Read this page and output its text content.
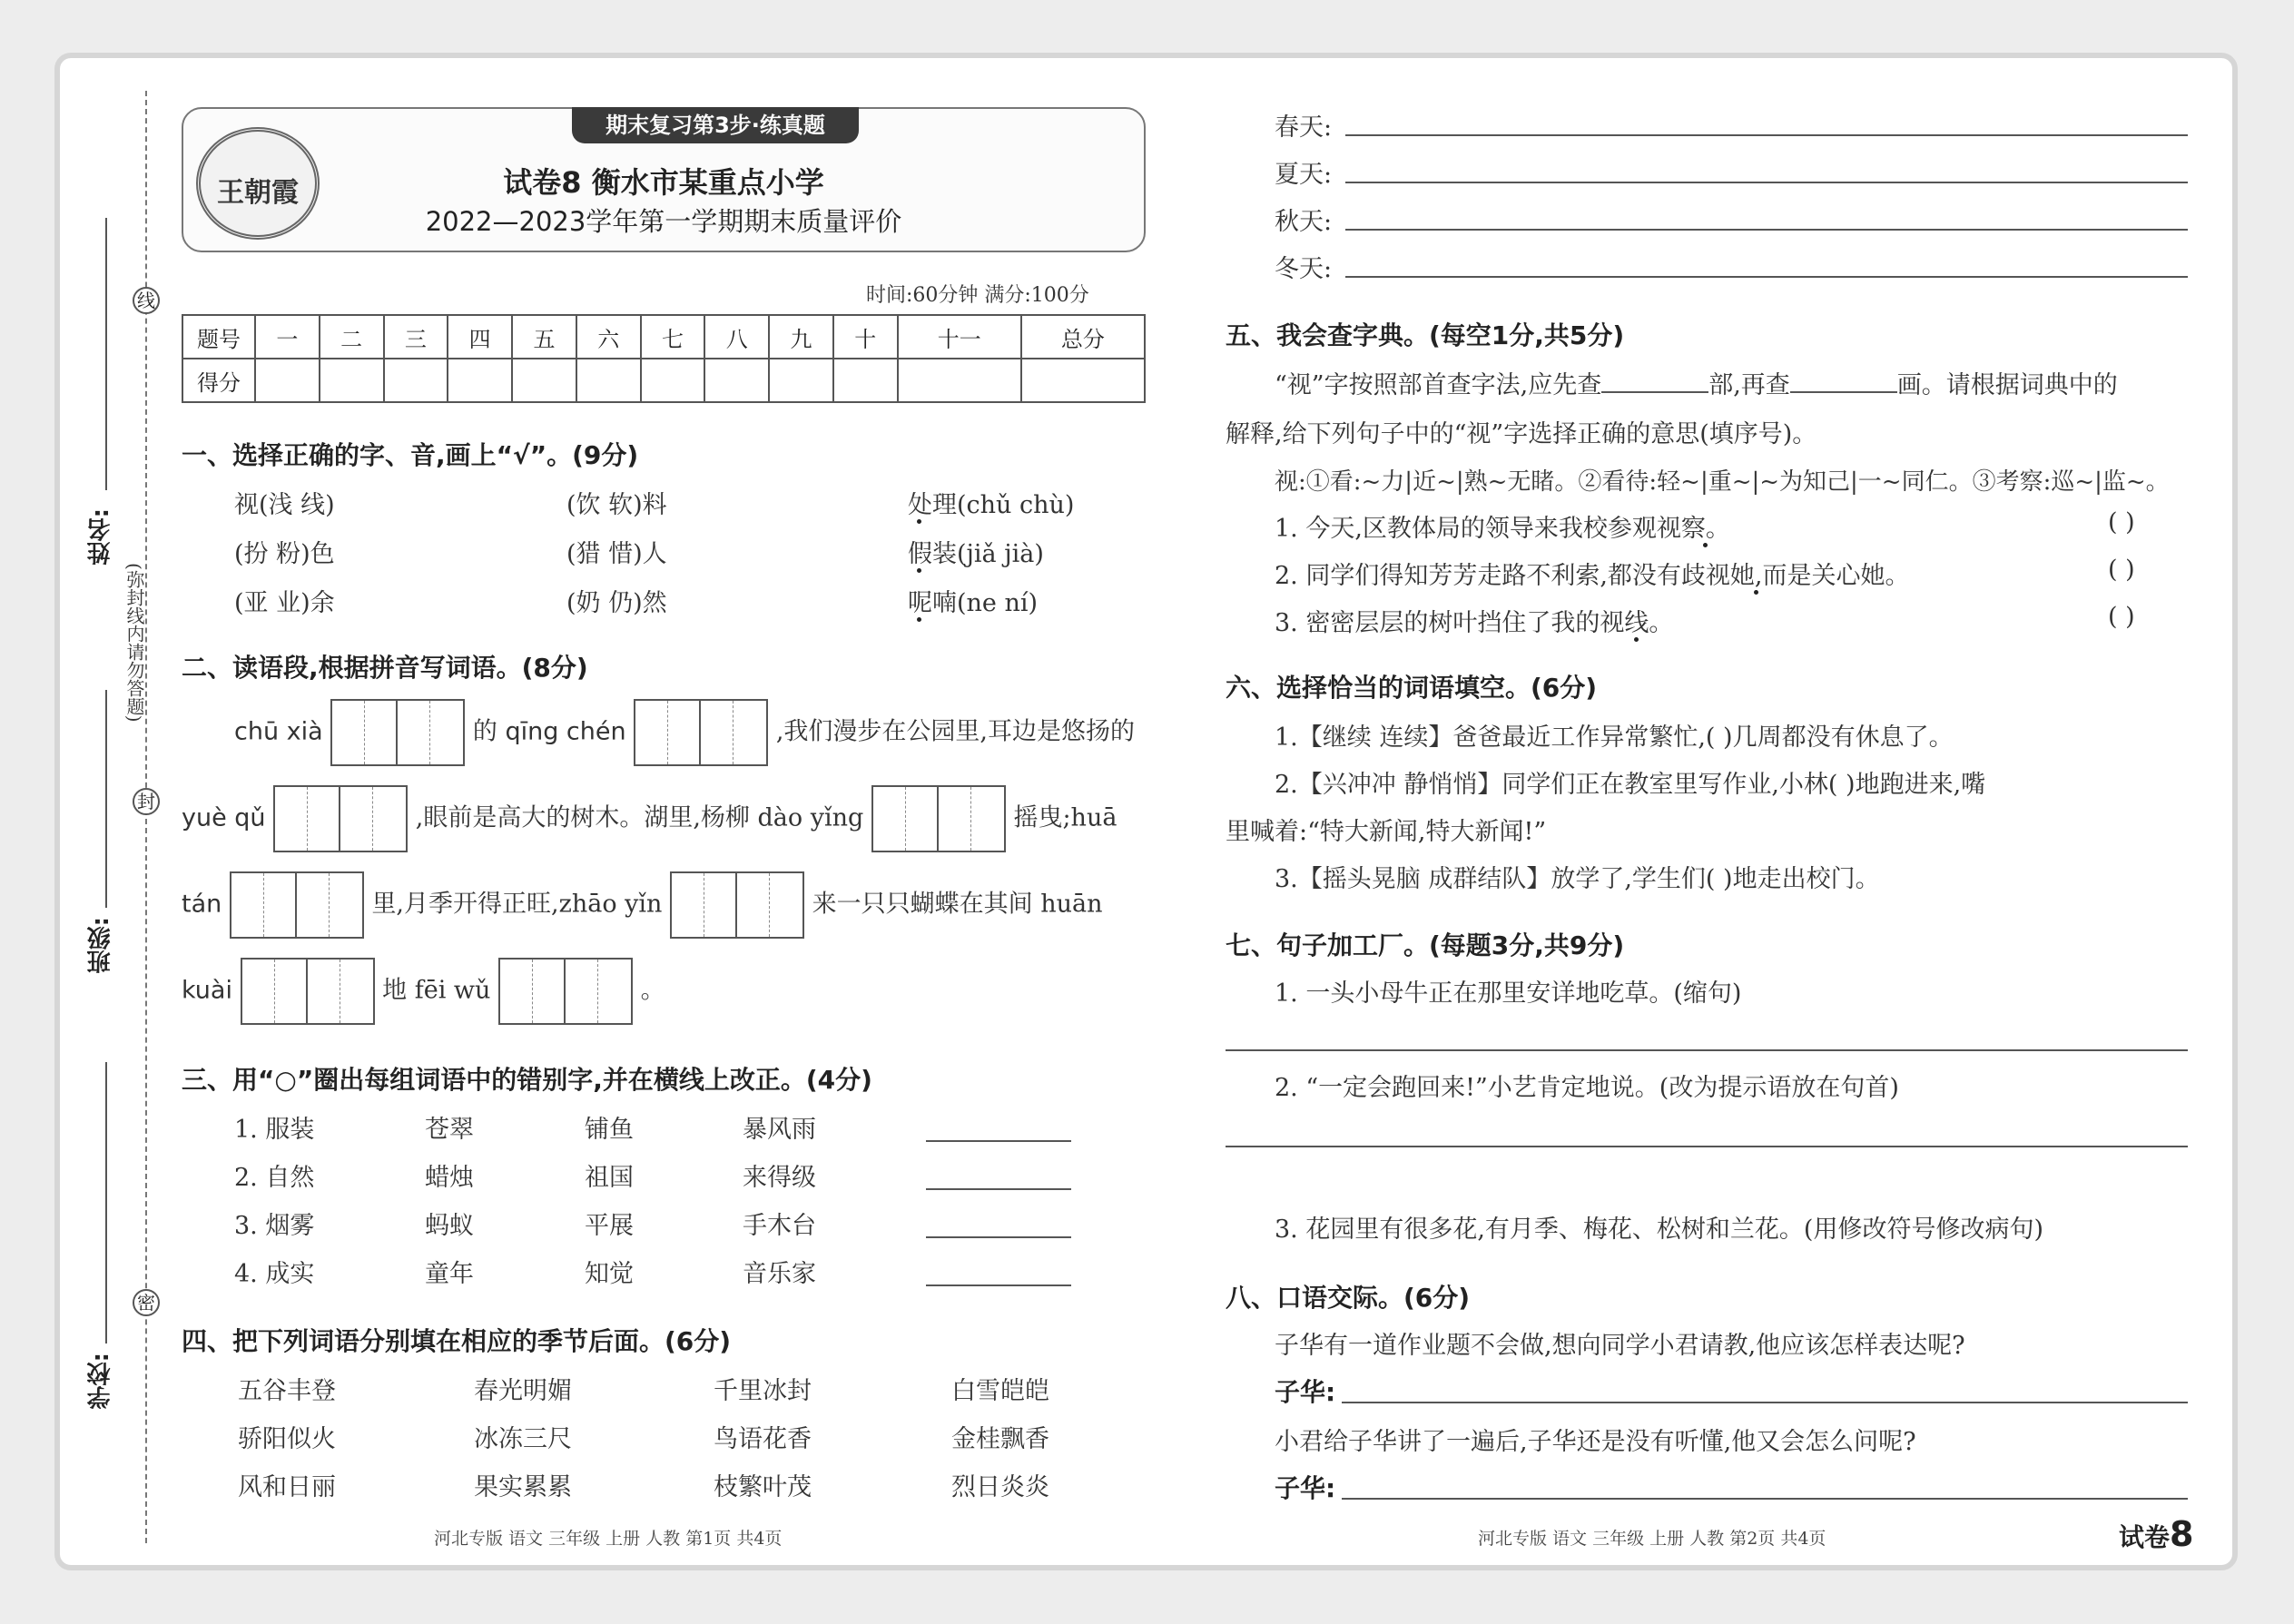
线
封
密
(弥封线内请勿答题)
姓名:
班级:
学校:
期末复习第3步·练真题
王朝霞	试卷8 衡水市某重点小学
2022—2023学年第一学期期末质量评价
时间:60分钟 满分:100分
题号	一	二	三	四	五	六	七	八	九	十	十一	总分
得分												
一、选择正确的字、音,画上“√”。(9分)
视(浅 线)	(饮 软)料	处理(chǔ chù)
(扮 粉)色	(猎 惜)人	假装(jiǎ jià)
(亚 业)余	(奶 仍)然	呢喃(ne ní)
二、读语段,根据拼音写词语。(8分)
chū xià	的 qīng chén	,我们漫步在公园里,耳边是悠扬的
yuè qǔ	,眼前是高大的树木。湖里,杨柳 dào yǐng	摇曳;huā
tán	里,月季开得正旺,zhāo yǐn	来一只只蝴蝶在其间 huān
kuài	地 fēi wǔ	。
三、用“○”圈出每组词语中的错别字,并在横线上改正。(4分)
1. 服装	苍翠	铺鱼	暴风雨
2. 自然	蜡烛	祖国	来得级
3. 烟雾	蚂蚁	平展	手木台
4. 成实	童年	知觉	音乐家
四、把下列词语分别填在相应的季节后面。(6分)
五谷丰登	春光明媚	千里冰封	白雪皑皑
骄阳似火	冰冻三尺	鸟语花香	金桂飘香
风和日丽	果实累累	枝繁叶茂	烈日炎炎
河北专版 语文 三年级 上册 人教 第1页 共4页
春天:
夏天:
秋天:
冬天:
五、我会查字典。(每空1分,共5分)
“视”字按照部首查字法,应先查	部,再查	画。请根据词典中的
解释,给下列句子中的“视”字选择正确的意思(填序号)。
视:①看:~力|近~|熟~无睹。②看待:轻~|重~|~为知己|一~同仁。③考察:巡~|监~。
1. 今天,区教体局的领导来我校参观视察。	( )
2. 同学们得知芳芳走路不利索,都没有歧视她,而是关心她。	( )
3. 密密层层的树叶挡住了我的视线。	( )
六、选择恰当的词语填空。(6分)
1.【继续 连续】爸爸最近工作异常繁忙,( )几周都没有休息了。
2.【兴冲冲 静悄悄】同学们正在教室里写作业,小林( )地跑进来,嘴
里喊着:“特大新闻,特大新闻!”
3.【摇头晃脑 成群结队】放学了,学生们( )地走出校门。
七、句子加工厂。(每题3分,共9分)
1. 一头小母牛正在那里安详地吃草。(缩句)
2. “一定会跑回来!”小艺肯定地说。(改为提示语放在句首)
3. 花园里有很多花,有月季、梅花、松树和兰花。(用修改符号修改病句)
八、口语交际。(6分)
子华有一道作业题不会做,想向同学小君请教,他应该怎样表达呢?
子华:
小君给子华讲了一遍后,子华还是没有听懂,他又会怎么问呢?
子华:
河北专版 语文 三年级 上册 人教 第2页 共4页	试卷8
